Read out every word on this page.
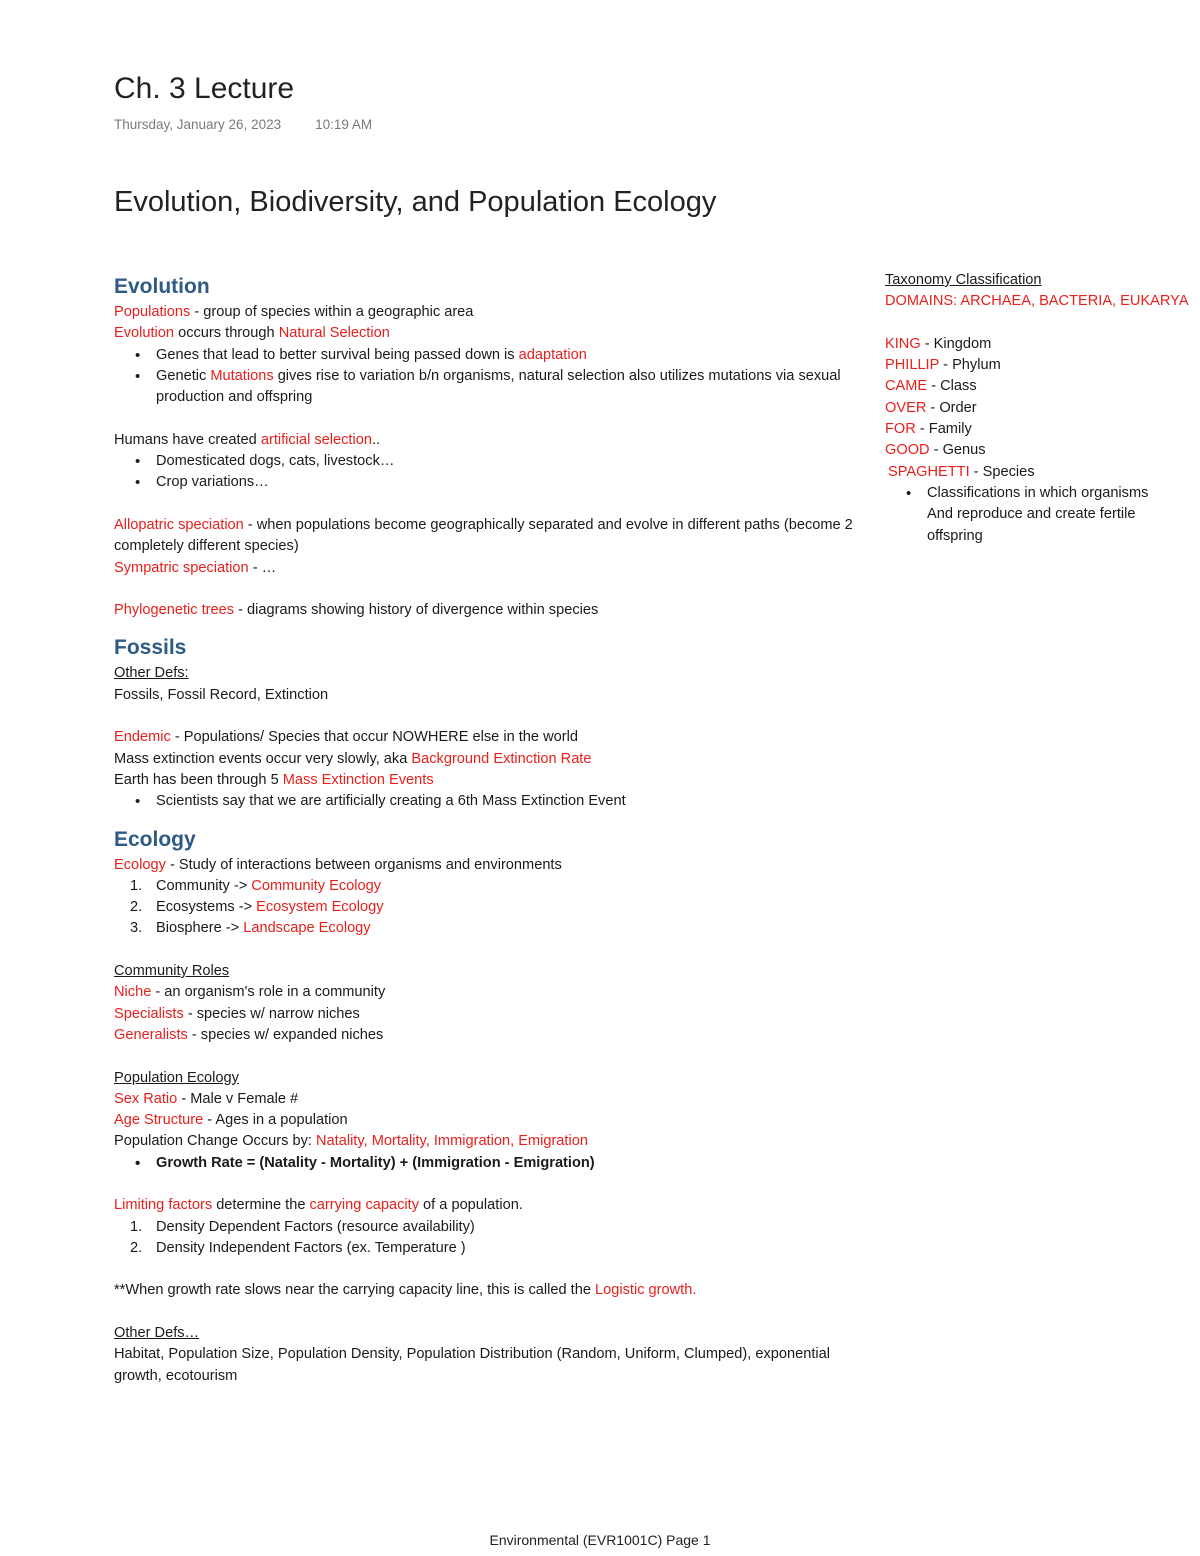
Ch. 3 Lecture
Thursday, January 26, 2023	10:19 AM
Evolution, Biodiversity, and Population Ecology
Evolution
Populations - group of species within a geographic area
Evolution occurs through Natural Selection
• Genes that lead to better survival being passed down is adaptation
• Genetic Mutations gives rise to variation b/n organisms, natural selection also utilizes mutations via sexual production and offspring
Humans have created artificial selection..
• Domesticated dogs, cats, livestock…
• Crop variations…
Allopatric speciation - when populations become geographically separated and evolve in different paths (become 2 completely different species)
Sympatric speciation - …
Phylogenetic trees - diagrams showing history of divergence within species
Fossils
Other Defs:
Fossils, Fossil Record, Extinction
Endemic - Populations/ Species that occur NOWHERE else in the world
Mass extinction events occur very slowly, aka Background Extinction Rate
Earth has been through 5 Mass Extinction Events
• Scientists say that we are artificially creating a 6th Mass Extinction Event
Ecology
Ecology - Study of interactions between organisms and environments
1. Community -> Community Ecology
2. Ecosystems -> Ecosystem Ecology
3. Biosphere -> Landscape Ecology
Community Roles
Niche - an organism's role in a community
Specialists - species w/ narrow niches
Generalists - species w/ expanded niches
Population Ecology
Sex Ratio - Male v Female #
Age Structure - Ages in a population
Population Change Occurs by: Natality, Mortality, Immigration, Emigration
• Growth Rate = (Natality - Mortality) + (Immigration - Emigration)
Limiting factors determine the carrying capacity of a population.
1. Density Dependent Factors (resource availability)
2. Density Independent Factors (ex. Temperature )
**When growth rate slows near the carrying capacity line, this is called the Logistic growth.
Other Defs…
Habitat, Population Size, Population Density, Population Distribution (Random, Uniform, Clumped), exponential growth, ecotourism
Taxonomy Classification
DOMAINS: ARCHAEA, BACTERIA, EUKARYA
KING - Kingdom
PHILLIP - Phylum
CAME - Class
OVER - Order
FOR - Family
GOOD - Genus
SPAGHETTI - Species
• Classifications in which organisms And reproduce and create fertile offspring
Environmental (EVR1001C) Page 1
